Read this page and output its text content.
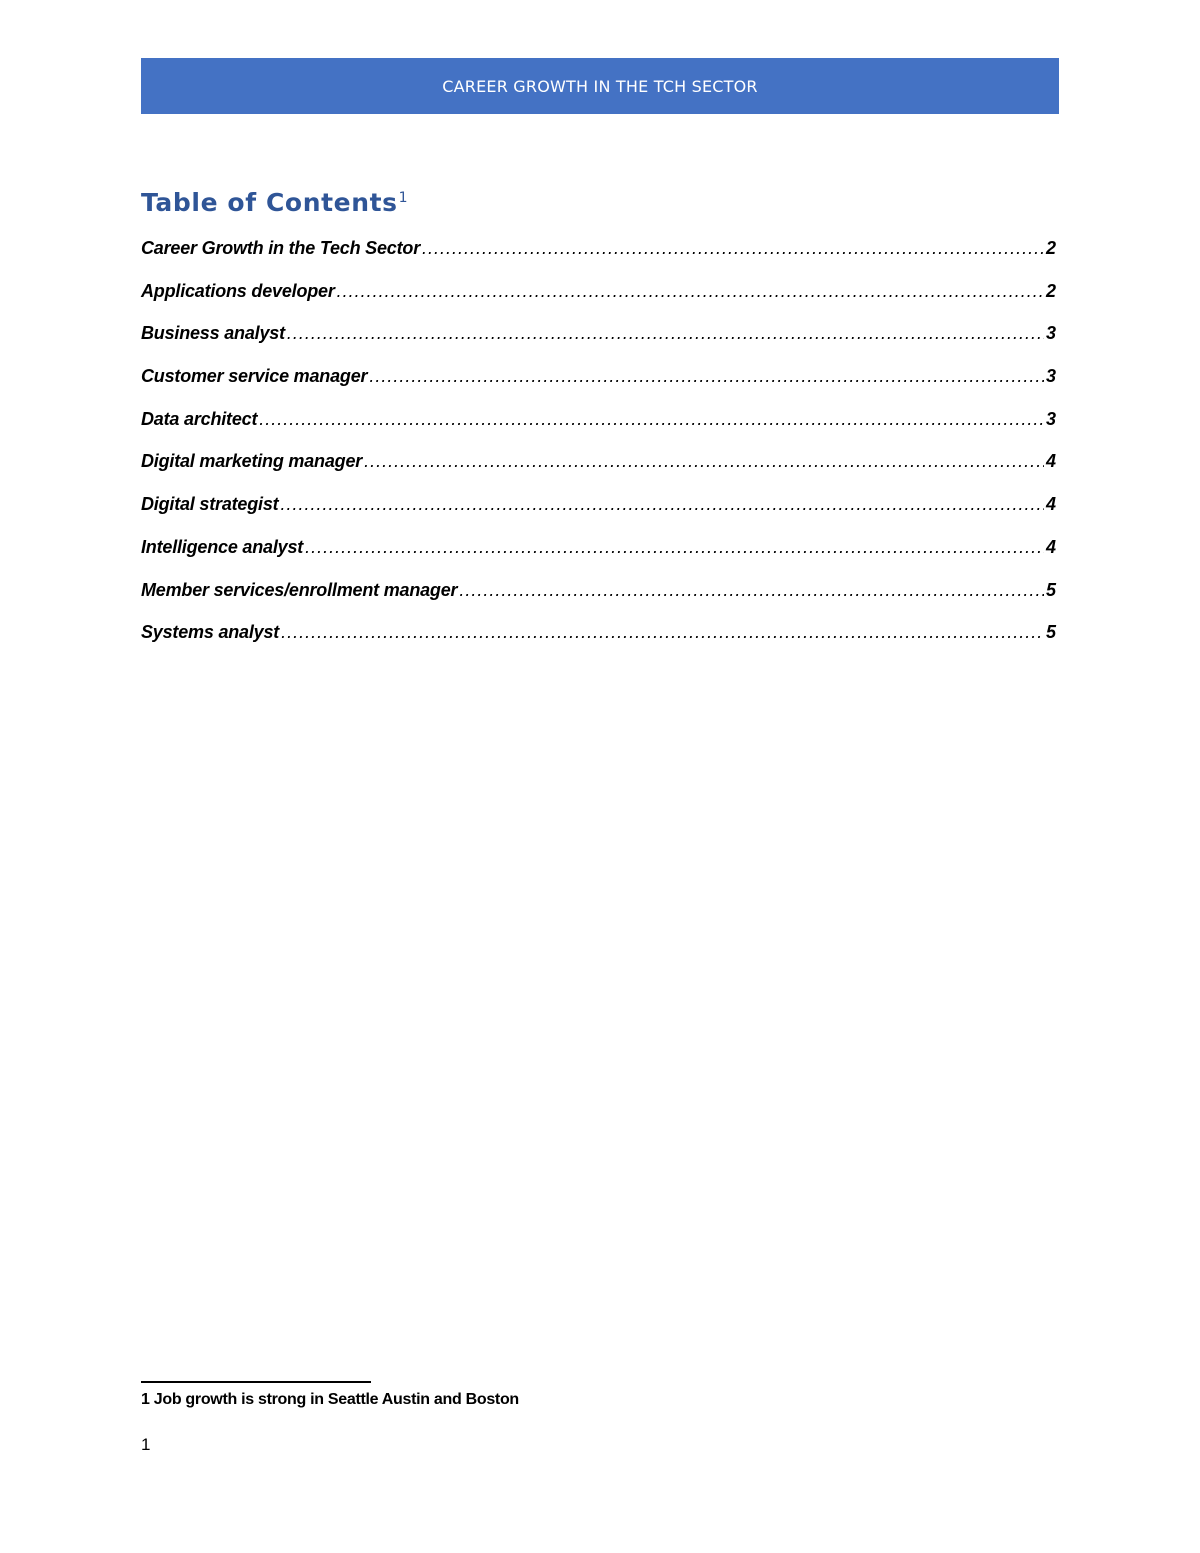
CAREER GROWTH IN THE TCH SECTOR
Table of Contents$^1$
Career Growth in the Tech Sector .....	2
Applications developer .....	2
Business analyst .....	3
Customer service manager .....	3
Data architect .....	3
Digital marketing manager .....	4
Digital strategist .....	4
Intelligence analyst .....	4
Member services/enrollment manager .....	5
Systems analyst .....	5
1 Job growth is strong in Seattle Austin and Boston
1
